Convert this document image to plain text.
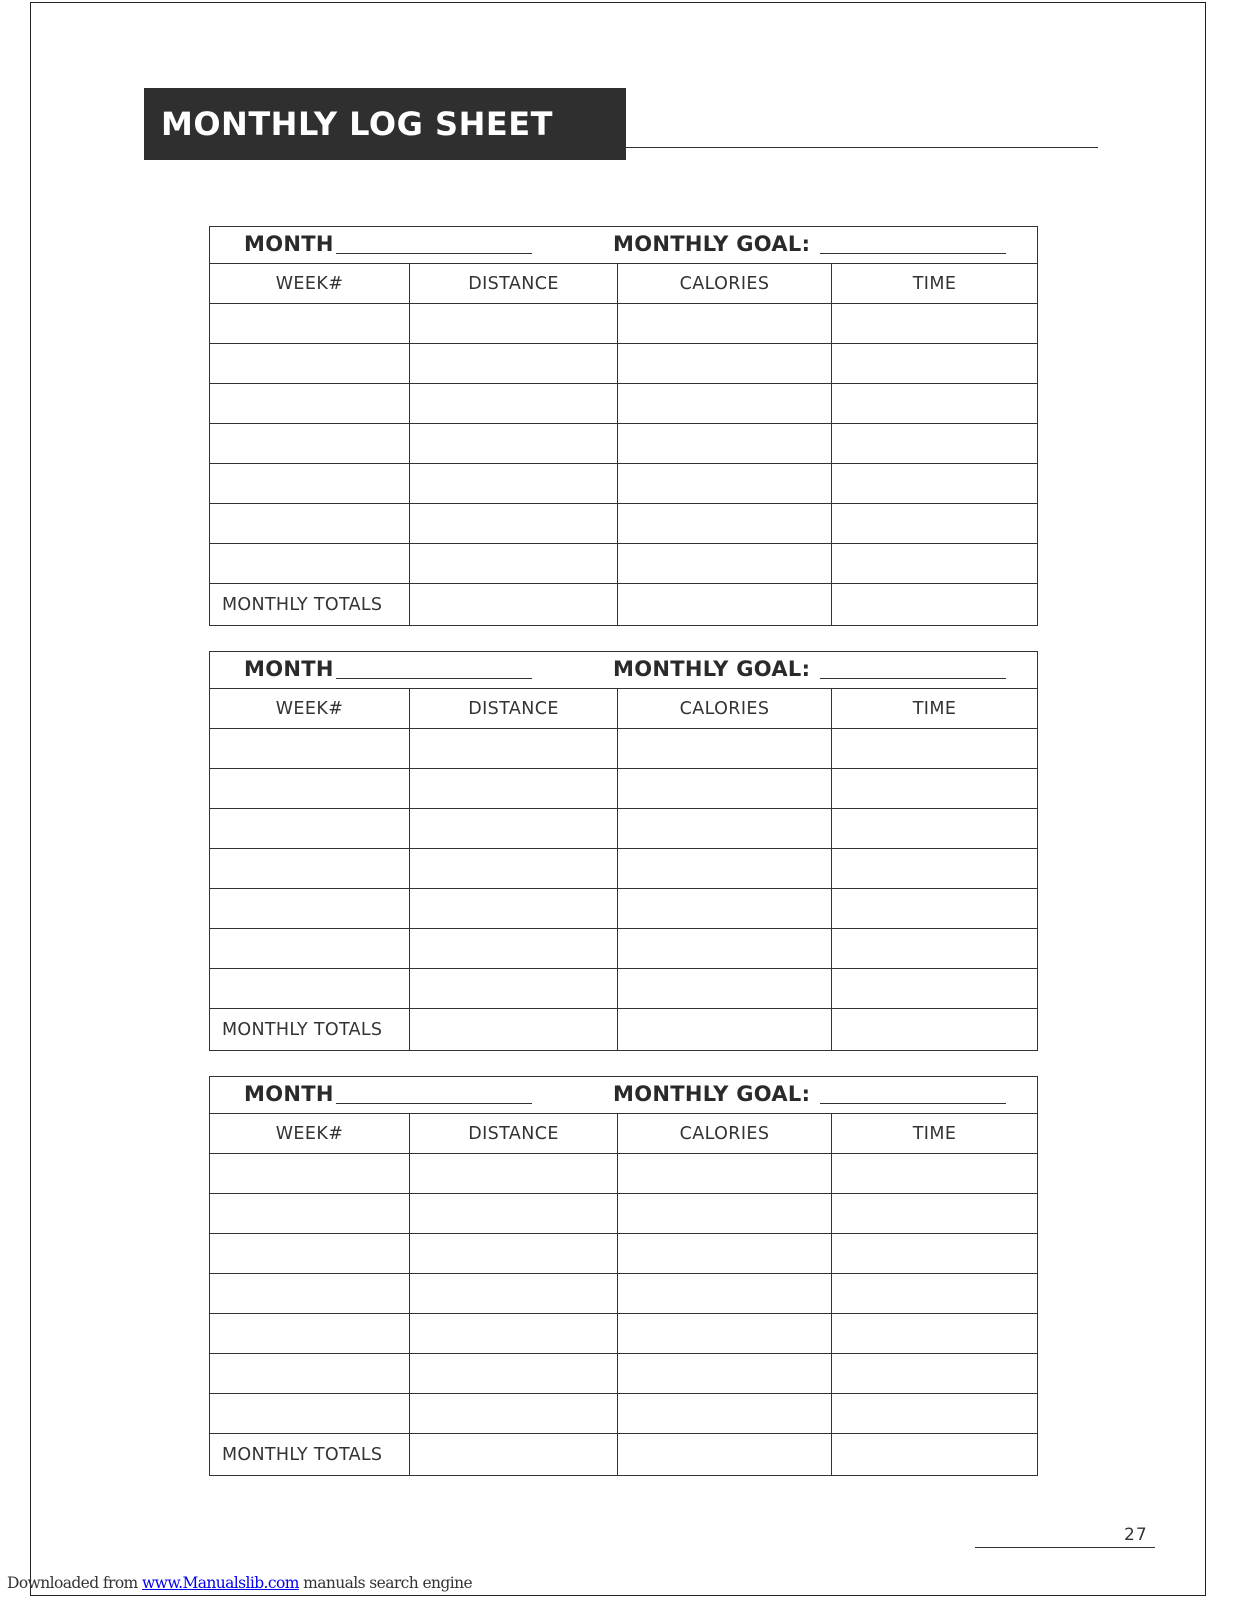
MONTHLY LOG SHEET
MONTH MONTHLY GOAL:			

WEEK#	DISTANCE	CALORIES	TIME

MONTHLY TOTALS			
MONTH MONTHLY GOAL:			

WEEK#	DISTANCE	CALORIES	TIME

MONTHLY TOTALS			
MONTH MONTHLY GOAL:			

WEEK#	DISTANCE	CALORIES	TIME

MONTHLY TOTALS			
27
Downloaded from www.Manualslib.com manuals search engine
